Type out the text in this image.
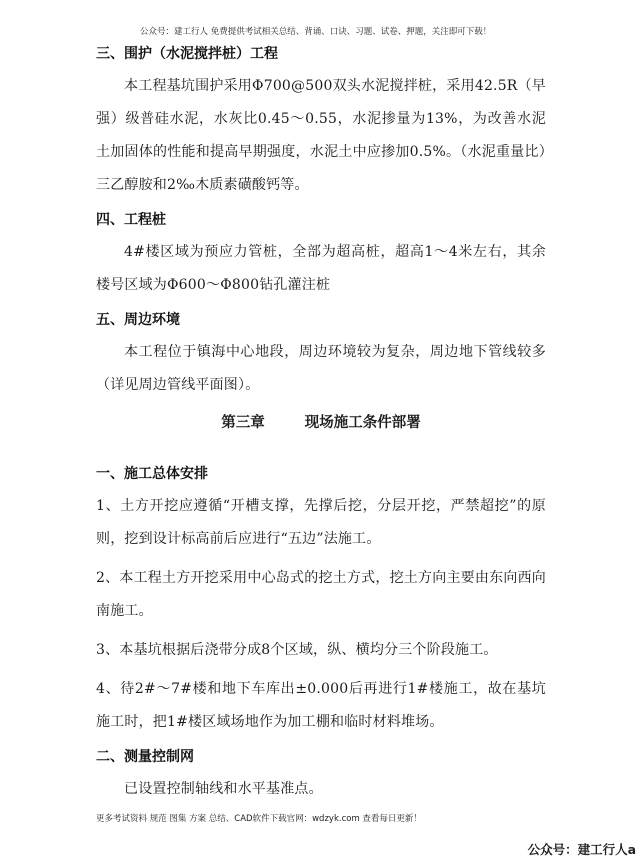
公众号：建工行人 免费提供考试相关总结、背诵、口诀、习题、试卷、押题，关注即可下载！

三、围护（水泥搅拌桩）工程

本工程基坑围护采用Φ700@500双头水泥搅拌桩，采用42.5R（早强）级普硅水泥，水灰比0.45～0.55，水泥掺量为13%，为改善水泥土加固体的性能和提高早期强度，水泥土中应掺加0.5%。（水泥重量比）三乙醇胺和2‰木质素磺酸钙等。

四、工程桩

4#楼区域为预应力管桩，全部为超高桩，超高1～4米左右，其余楼号区域为Φ600～Φ800钻孔灌注桩

五、周边环境

本工程位于镇海中心地段，周边环境较为复杂，周边地下管线较多（详见周边管线平面图）。

第三章	现场施工条件部署

一、施工总体安排

1、土方开挖应遵循“开槽支撑，先撑后挖，分层开挖，严禁超挖”的原则，挖到设计标高前后应进行“五边”法施工。

2、本工程土方开挖采用中心岛式的挖土方式，挖土方向主要由东向西向南施工。

3、本基坑根据后浇带分成8个区域，纵、横均分三个阶段施工。

4、待2#～7#楼和地下车库出±0.000后再进行1#楼施工，故在基坑施工时，把1#楼区域场地作为加工棚和临时材料堆场。

二、测量控制网

已设置控制轴线和水平基准点。

更多考试资料 规范 图集 方案 总结、CAD软件下载官网：wdzyk.com 查看每日更新！
公众号：建工行人a
